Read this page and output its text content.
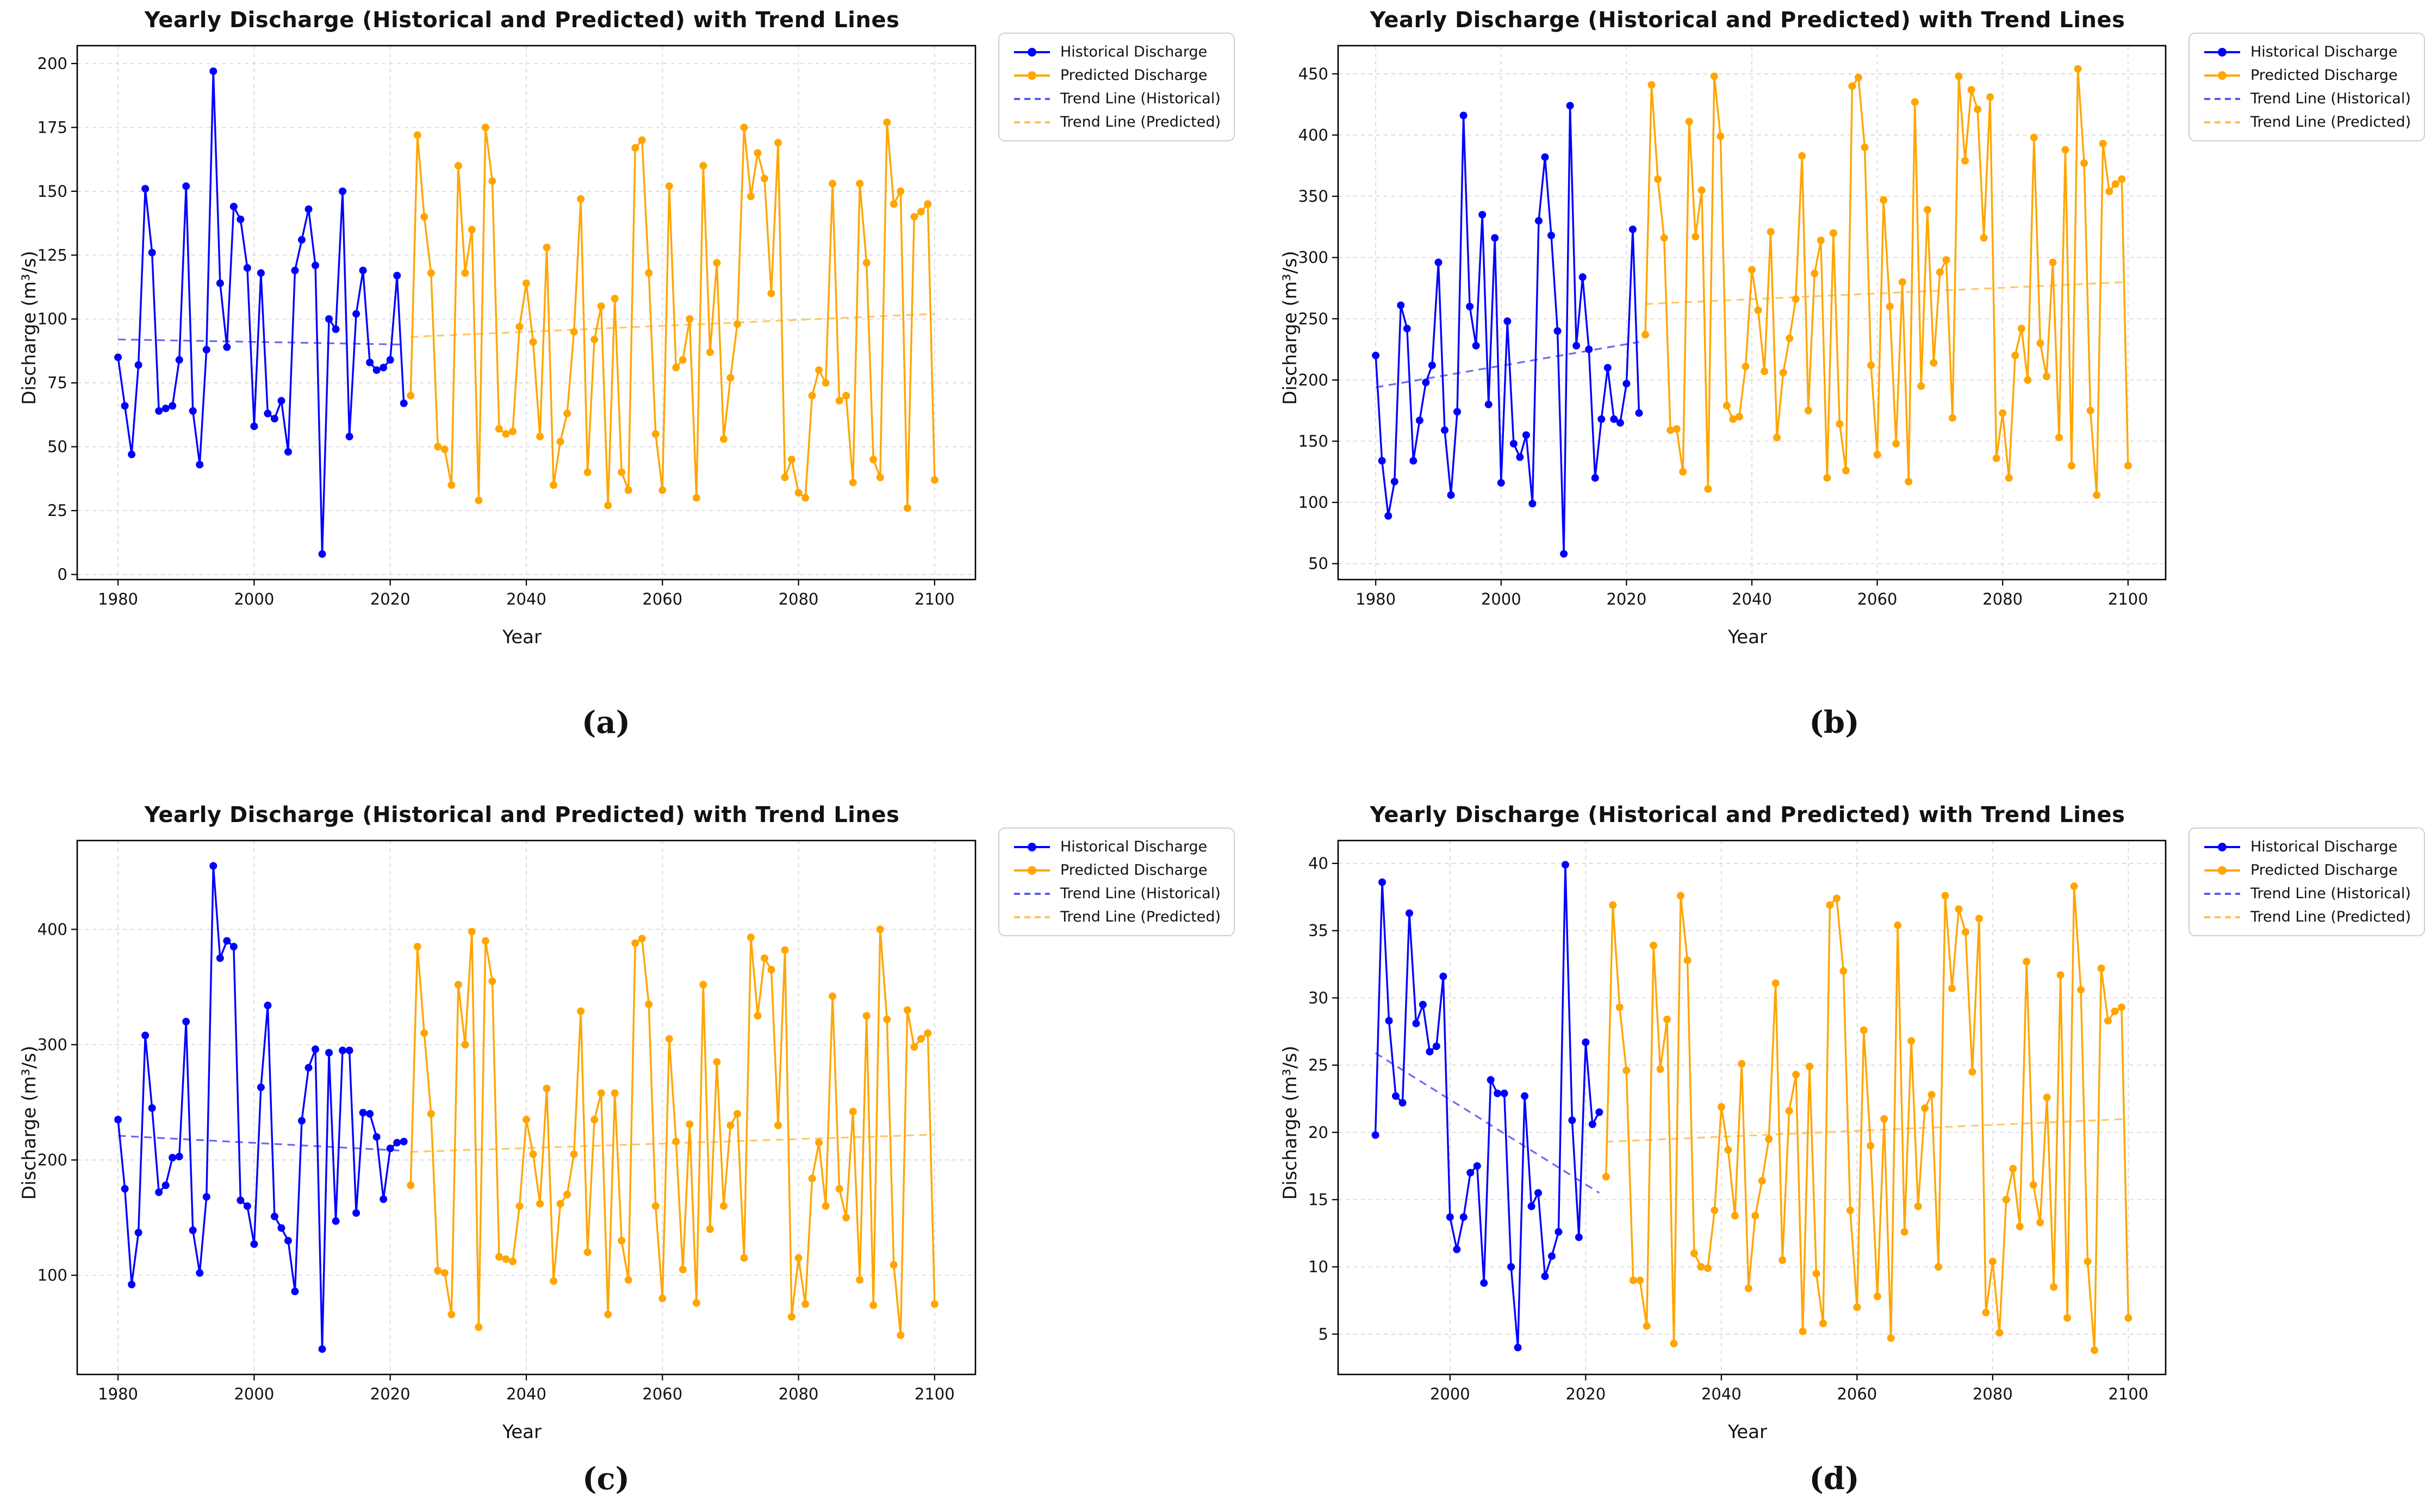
Yearly Discharge (Historical and Predicted) with Trend Lines
Discharge (m³/s)
1980	2000	2020	2040	2060	2080	2100
0
25
50
75
100
125
150
175
200
Year
Historical Discharge
Predicted Discharge
Trend Line (Historical)
Trend Line (Predicted)
(a)
Yearly Discharge (Historical and Predicted) with Trend Lines
Discharge (m³/s)
1980	2000	2020	2040	2060	2080	2100
50
100
150
200
250
300
350
400
450
Year
Historical Discharge
Predicted Discharge
Trend Line (Historical)
Trend Line (Predicted)
(b)
Yearly Discharge (Historical and Predicted) with Trend Lines
Discharge (m³/s)
1980	2000	2020	2040	2060	2080	2100
100
200
300
400
Year
Historical Discharge
Predicted Discharge
Trend Line (Historical)
Trend Line (Predicted)
(c)
Yearly Discharge (Historical and Predicted) with Trend Lines
Discharge (m³/s)
2000	2020	2040	2060	2080	2100
5
10
15
20
25
30
35
40
Year
Historical Discharge
Predicted Discharge
Trend Line (Historical)
Trend Line (Predicted)
(d)
